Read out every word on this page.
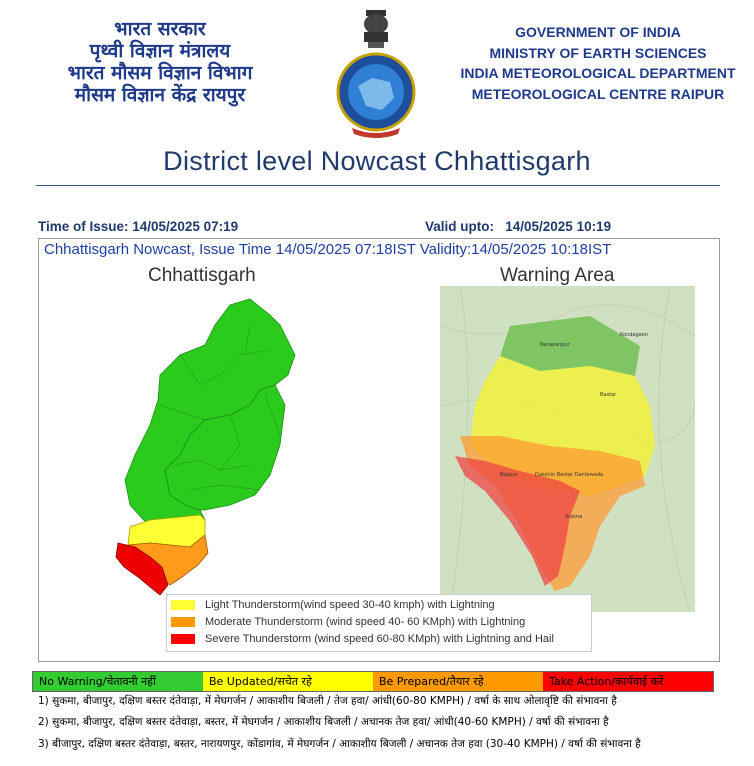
भारत सरकार
पृथ्वी विज्ञान मंत्रालय
भारत मौसम विज्ञान विभाग
मौसम विज्ञान केंद्र रायपुर
GOVERNMENT OF INDIA
MINISTRY OF EARTH SCIENCES
INDIA METEOROLOGICAL DEPARTMENT
METEOROLOGICAL CENTRE RAIPUR
District level Nowcast Chhattisgarh
Time of Issue: 14/05/2025 07:19	Valid upto:   14/05/2025 10:19
Chhattisgarh Nowcast, Issue Time 14/05/2025 07:18IST Validity:14/05/2025 10:18IST
Chhattisgarh	Warning Area
Kondagaon
Narayanpur
Bastar
Bijapur	Dakshin Bastar Dantewada
Sukma
Light Thunderstorm(wind speed 30-40 kmph) with Lightning
Moderate Thunderstorm (wind speed 40- 60 KMph) with Lightning
Severe Thunderstorm (wind speed 60-80 KMph) with Lightning and Hail
No Warning/चेतावनी नहीं	Be Updated/सचेत रहे	Be Prepared/तैयार रहे	Take Action/कार्यवाई करें
1) सुकमा, बीजापुर, दक्षिण बस्तर दंतेवाड़ा, में मेघगर्जन / आकाशीय बिजली / तेज हवा/ आंधी(60-80 KMPH) / वर्षा के साथ ओलावृष्टि की संभावना है
2) सुकमा, बीजापुर, दक्षिण बस्तर दंतेवाड़ा, बस्तर, में मेघगर्जन / आकाशीय बिजली / अचानक तेज हवा/ आंधी(40-60 KMPH) / वर्षा की संभावना है
3) बीजापुर, दक्षिण बस्तर दंतेवाड़ा, बस्तर, नारायणपुर, कोंडागांव, में मेघगर्जन / आकाशीय बिजली / अचानक तेज हवा (30-40 KMPH) / वर्षा की संभावना है
